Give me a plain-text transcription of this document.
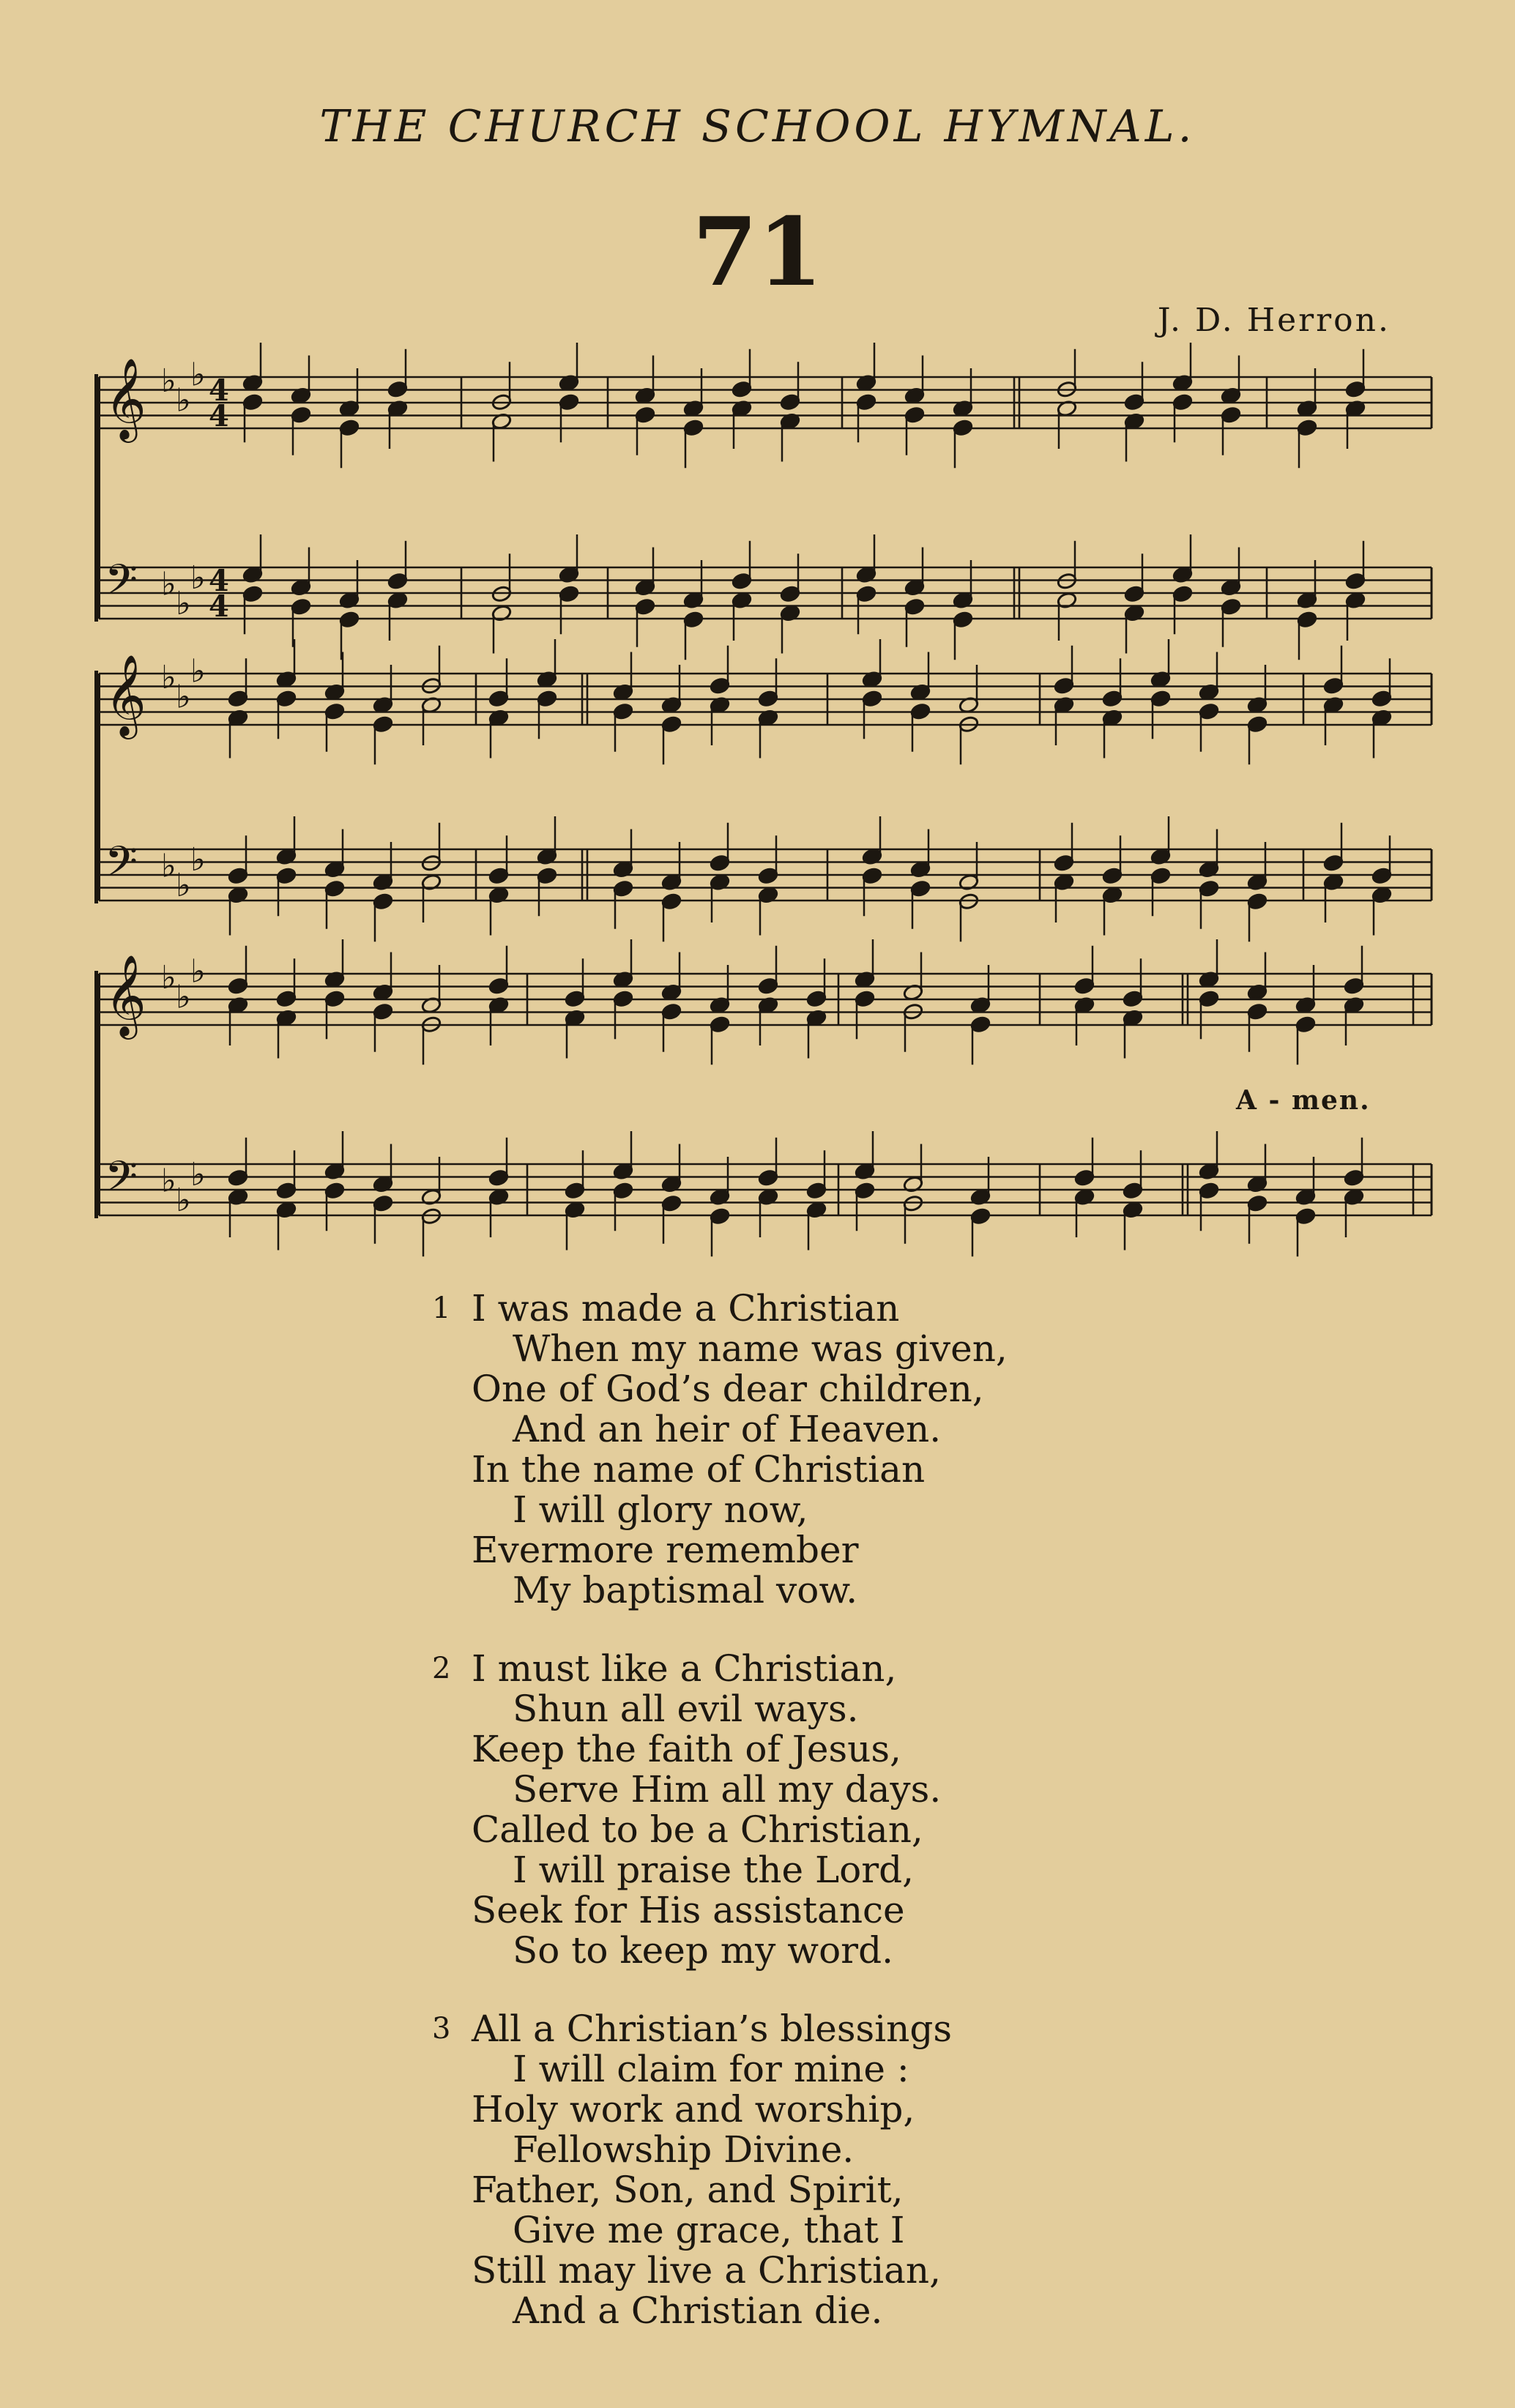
THE CHURCH SCHOOL HYMNAL.
71
J. D. Herron.
𝄞 ♭
♭
♭ 4
4
𝄢 ♭
♭
♭ 4
4
𝄞 ♭
♭
♭
𝄢 ♭
♭
♭
𝄞 ♭
♭
♭
𝄢 ♭
♭
♭
A - men.
1 I was made a Christian
When my name was given,
One of God’s dear children,
And an heir of Heaven.
In the name of Christian
I will glory now,
Evermore remember
My baptismal vow.
2 I must like a Christian,
Shun all evil ways.
Keep the faith of Jesus,
Serve Him all my days.
Called to be a Christian,
I will praise the Lord,
Seek for His assistance
So to keep my word.
3 All a Christian’s blessings
I will claim for mine :
Holy work and worship,
Fellowship Divine.
Father, Son, and Spirit,
Give me grace, that I
Still may live a Christian,
And a Christian die.
